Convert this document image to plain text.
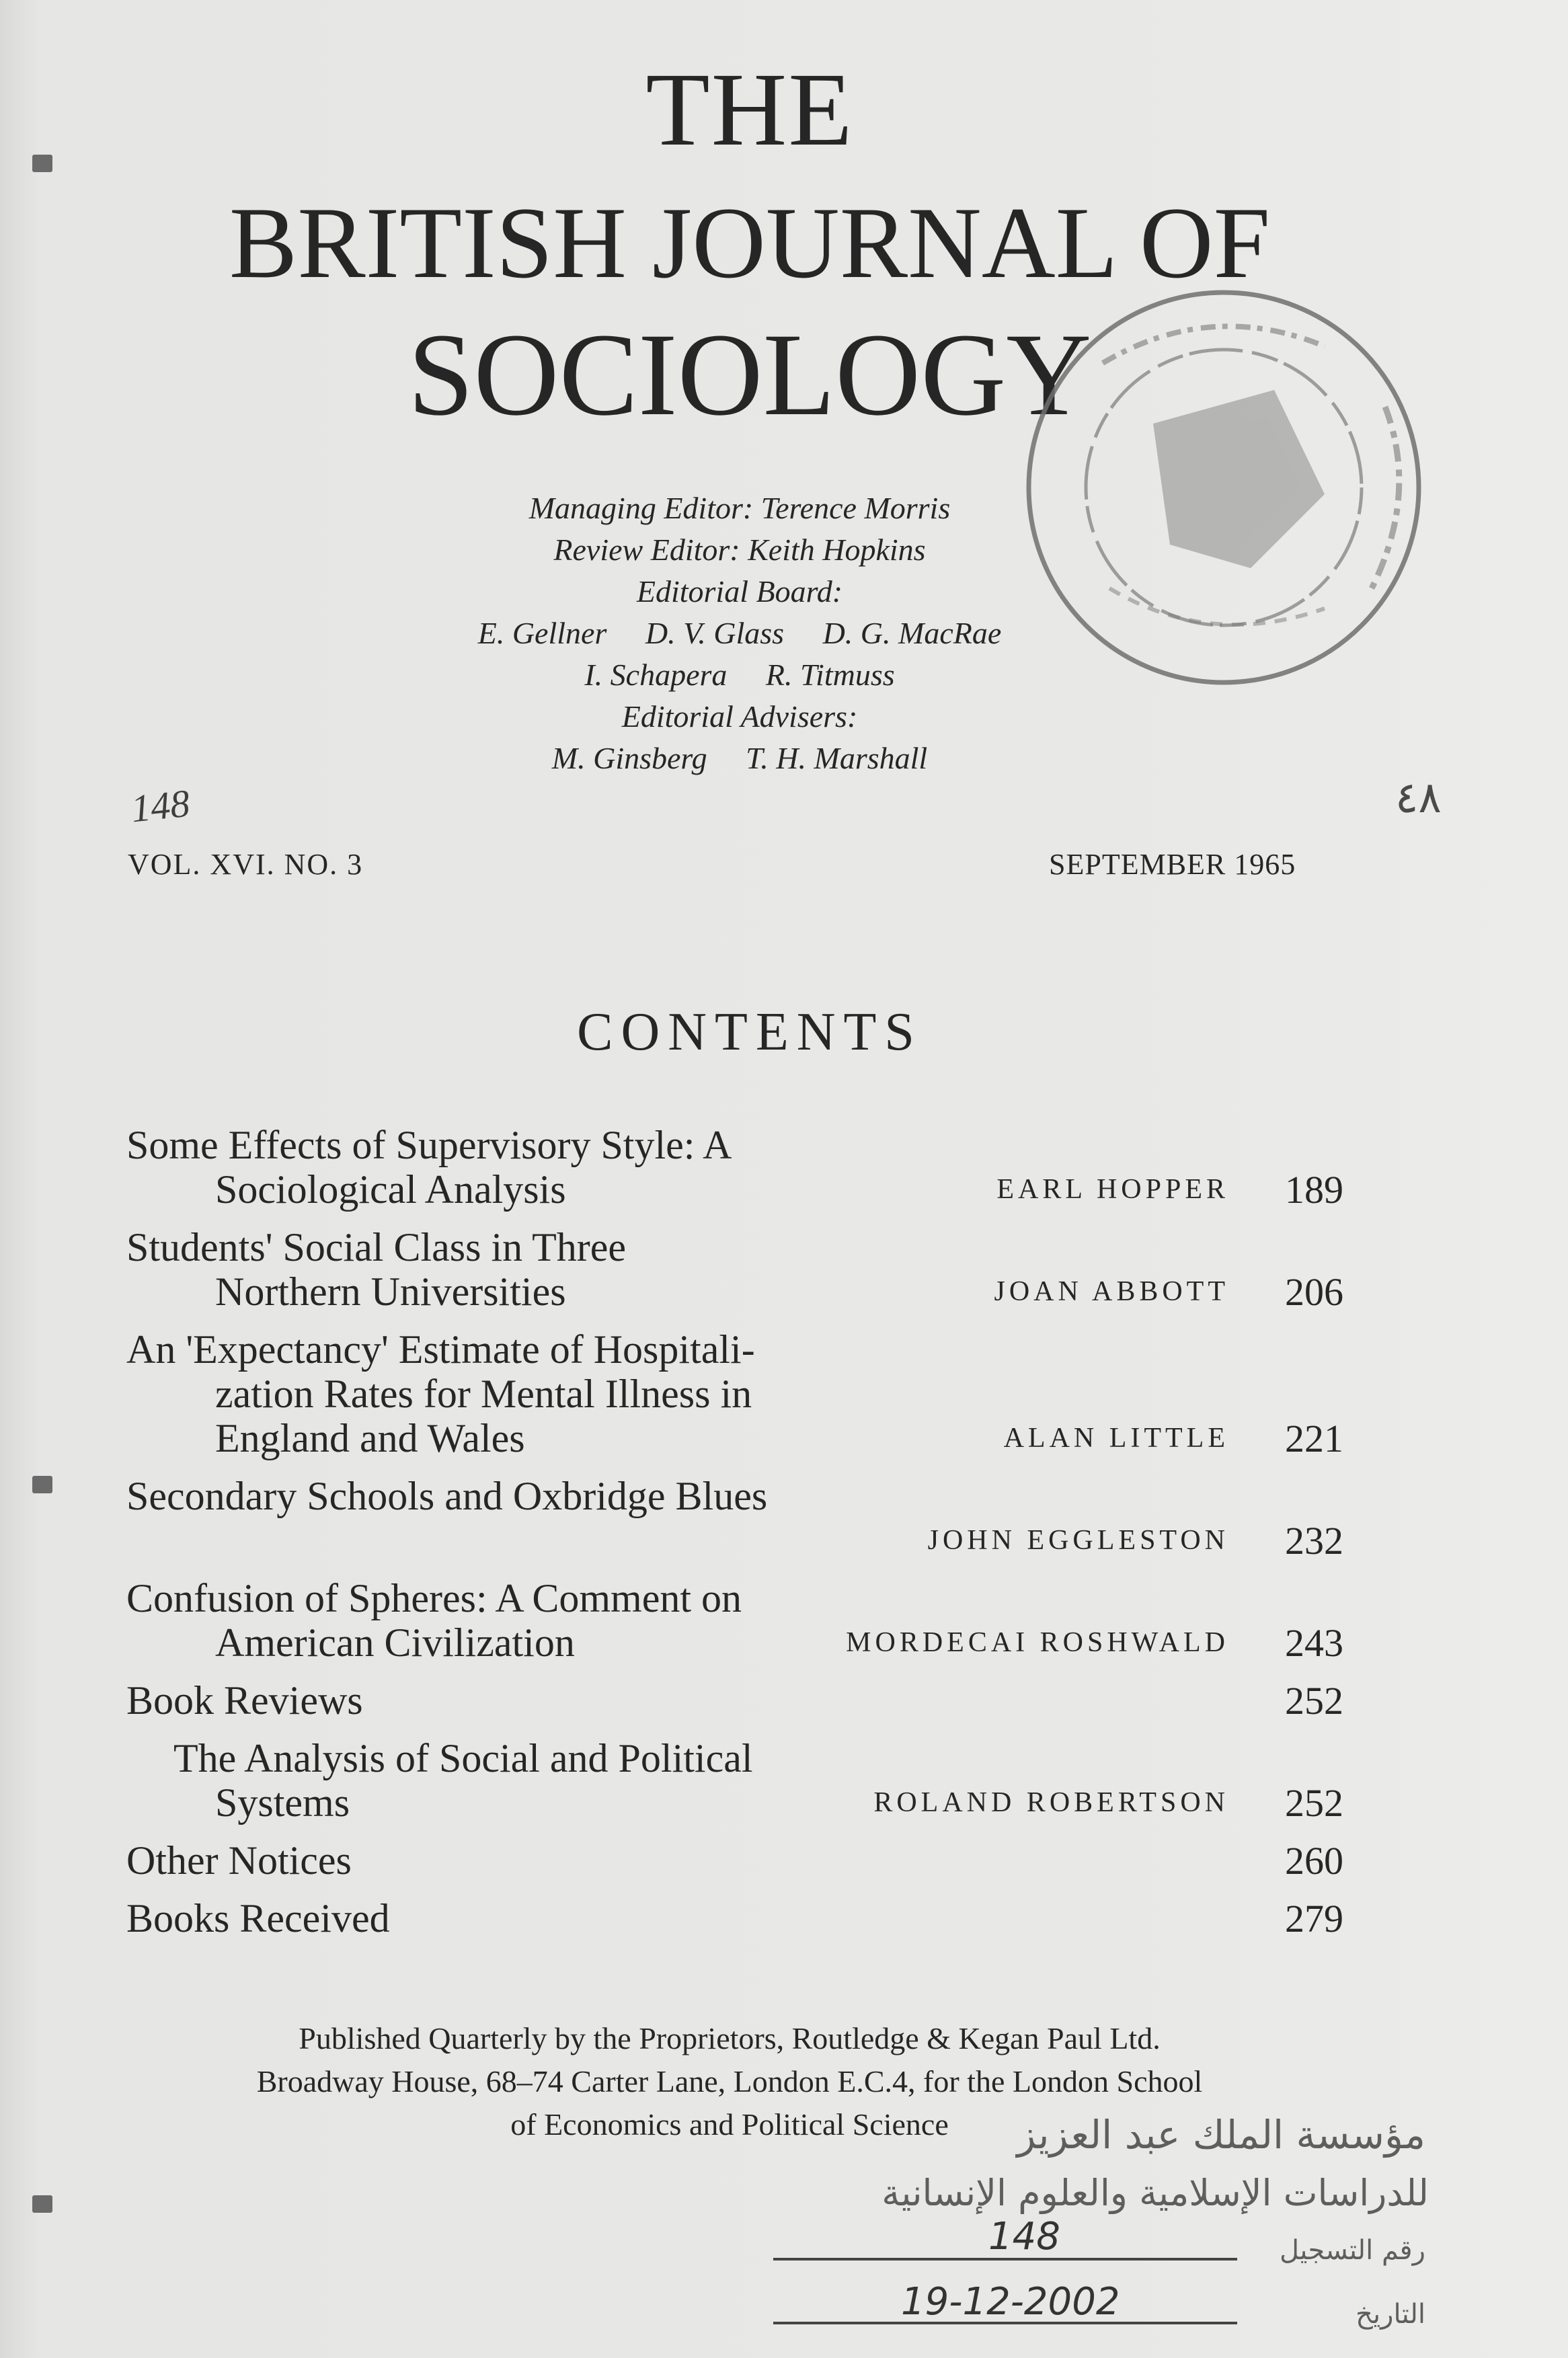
THE
BRITISH JOURNAL OF
SOCIOLOGY
Managing Editor: Terence Morris
Review Editor: Keith Hopkins
Editorial Board:
E. Gellner D. V. Glass D. G. MacRae
I. Schapera R. Titmuss
Editorial Advisers:
M. Ginsberg T. H. Marshall
148	٤٨
VOL. XVI. NO. 3	SEPTEMBER 1965
CONTENTS
Some Effects of Supervisory Style: A
Sociological Analysis	EARL HOPPER	189
Students' Social Class in Three
Northern Universities	JOAN ABBOTT	206
An 'Expectancy' Estimate of Hospitali-
zation Rates for Mental Illness in
England and Wales	ALAN LITTLE	221
Secondary Schools and Oxbridge Blues
JOHN EGGLESTON	232
Confusion of Spheres: A Comment on
American Civilization	MORDECAI ROSHWALD	243
Book Reviews	252
The Analysis of Social and Political
Systems	ROLAND ROBERTSON	252
Other Notices	260
Books Received	279
Published Quarterly by the Proprietors, Routledge & Kegan Paul Ltd.
Broadway House, 68–74 Carter Lane, London E.C.4, for the London School
of Economics and Political Science	مؤسسة الملك عبد العزيز
للدراسات الإسلامية والعلوم الإنسانية
148	رقم التسجيل
19-12-2002	التاريخ
